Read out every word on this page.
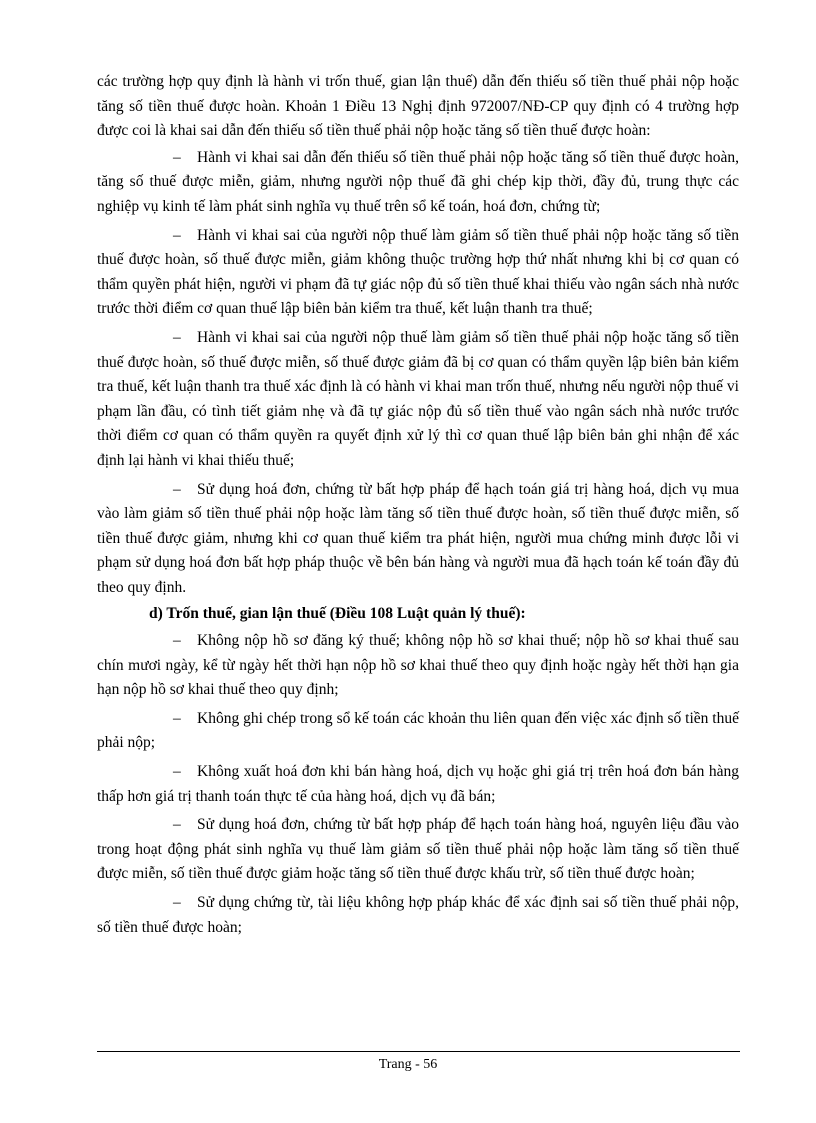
các trường hợp quy định là hành vi trốn thuế, gian lận thuế) dẫn đến thiếu số tiền thuế phải nộp hoặc tăng số tiền thuế được hoàn. Khoản 1 Điều 13 Nghị định 972007/NĐ-CP quy định có 4 trường hợp được coi là khai sai dẫn đến thiếu số tiền thuế phải nộp hoặc tăng số tiền thuế được hoàn:

– Hành vi khai sai dẫn đến thiếu số tiền thuế phải nộp hoặc tăng số tiền thuế được hoàn, tăng số thuế được miễn, giảm, nhưng người nộp thuế đã ghi chép kịp thời, đầy đủ, trung thực các nghiệp vụ kinh tế làm phát sinh nghĩa vụ thuế trên sổ kế toán, hoá đơn, chứng từ;

– Hành vi khai sai của người nộp thuế làm giảm số tiền thuế phải nộp hoặc tăng số tiền thuế được hoàn, số thuế được miễn, giảm không thuộc trường hợp thứ nhất nhưng khi bị cơ quan có thẩm quyền phát hiện, người vi phạm đã tự giác nộp đủ số tiền thuế khai thiếu vào ngân sách nhà nước trước thời điểm cơ quan thuế lập biên bản kiểm tra thuế, kết luận thanh tra thuế;

– Hành vi khai sai của người nộp thuế làm giảm số tiền thuế phải nộp hoặc tăng số tiền thuế được hoàn, số thuế được miễn, số thuế được giảm đã bị cơ quan có thẩm quyền lập biên bản kiểm tra thuế, kết luận thanh tra thuế xác định là có hành vi khai man trốn thuế, nhưng nếu người nộp thuế vi phạm lần đầu, có tình tiết giảm nhẹ và đã tự giác nộp đủ số tiền thuế vào ngân sách nhà nước trước thời điểm cơ quan có thẩm quyền ra quyết định xử lý thì cơ quan thuế lập biên bản ghi nhận để xác định lại hành vi khai thiếu thuế;

– Sử dụng hoá đơn, chứng từ bất hợp pháp để hạch toán giá trị hàng hoá, dịch vụ mua vào làm giảm số tiền thuế phải nộp hoặc làm tăng số tiền thuế được hoàn, số tiền thuế được miễn, số tiền thuế được giảm, nhưng khi cơ quan thuế kiểm tra phát hiện, người mua chứng minh được lỗi vi phạm sử dụng hoá đơn bất hợp pháp thuộc về bên bán hàng và người mua đã hạch toán kế toán đầy đủ theo quy định.

d) Trốn thuế, gian lận thuế (Điều 108 Luật quản lý thuế):

– Không nộp hồ sơ đăng ký thuế; không nộp hồ sơ khai thuế; nộp hồ sơ khai thuế sau chín mươi ngày, kể từ ngày hết thời hạn nộp hồ sơ khai thuế theo quy định hoặc ngày hết thời hạn gia hạn nộp hồ sơ khai thuế theo quy định;

– Không ghi chép trong sổ kế toán các khoản thu liên quan đến việc xác định số tiền thuế phải nộp;

– Không xuất hoá đơn khi bán hàng hoá, dịch vụ hoặc ghi giá trị trên hoá đơn bán hàng thấp hơn giá trị thanh toán thực tế của hàng hoá, dịch vụ đã bán;

– Sử dụng hoá đơn, chứng từ bất hợp pháp để hạch toán hàng hoá, nguyên liệu đầu vào trong hoạt động phát sinh nghĩa vụ thuế làm giảm số tiền thuế phải nộp hoặc làm tăng số tiền thuế được miễn, số tiền thuế được giảm hoặc tăng số tiền thuế được khấu trừ, số tiền thuế được hoàn;

– Sử dụng chứng từ, tài liệu không hợp pháp khác để xác định sai số tiền thuế phải nộp, số tiền thuế được hoàn;

Trang - 56
